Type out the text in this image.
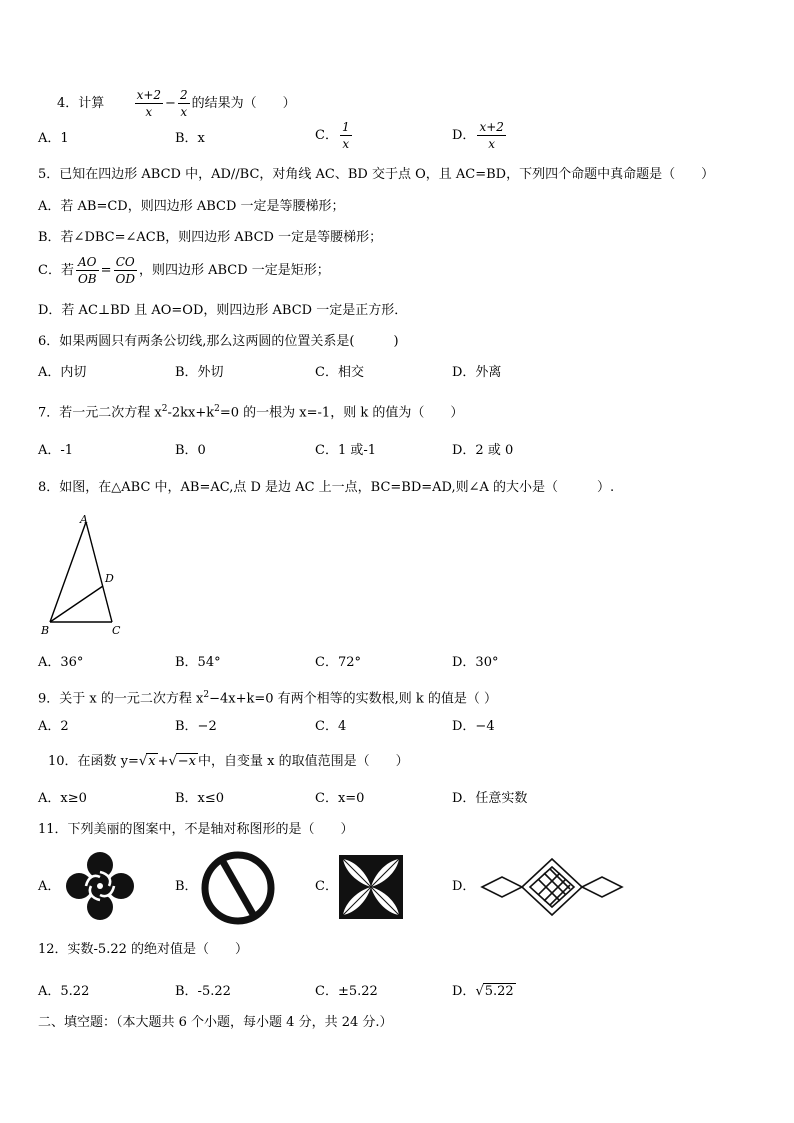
4．计算	$\frac{x+2}{x} - \frac{2}{x}$ 的结果为（　　）
A．1	B．x	C． $\frac{1}{x}$	D． $\frac{x+2}{x}$
5．已知在四边形 ABCD 中，AD//BC，对角线 AC、BD 交于点 O，且 AC=BD，下列四个命题中真命题是（　　）
A．若 AB=CD，则四边形 ABCD 一定是等腰梯形；
B．若∠DBC=∠ACB，则四边形 ABCD 一定是等腰梯形；
C．若 $\frac{AO}{OB} = \frac{CO}{OD}$ ，则四边形 ABCD 一定是矩形；
D．若 AC⊥BD 且 AO=OD，则四边形 ABCD 一定是正方形．
6．如果两圆只有两条公切线,那么这两圆的位置关系是(　　　)
A．内切	B．外切	C．相交	D．外离
7．若一元二次方程 $x^2-2kx+k^2=0$ 的一根为 x=-1，则 k 的值为（　　）
A．-1	B．0	C．1 或-1	D．2 或 0
8．如图，在△ABC 中，AB=AC,点 D 是边 AC 上一点，BC=BD=AD,则∠A 的大小是（　　　）.
A
D
B	C
A．36°	B．54°	C．72°	D．30°
9．关于 x 的一元二次方程 $x^2-4x+k=0$ 有两个相等的实数根,则 k 的值是（ ）
A．2	B．−2	C．4	D．−4
10．在函数 y=√x +√−x 中，自变量 x 的取值范围是（　　）
A．x≥0	B．x≤0	C．x=0	D．任意实数
11．下列美丽的图案中，不是轴对称图形的是（　　）
A．	B．	C．	D．
12．实数-5.22 的绝对值是（　　）
A．5.22	B．-5.22	C．±5.22	D．√5.22
二、填空题：（本大题共 6 个小题，每小题 4 分，共 24 分.）
